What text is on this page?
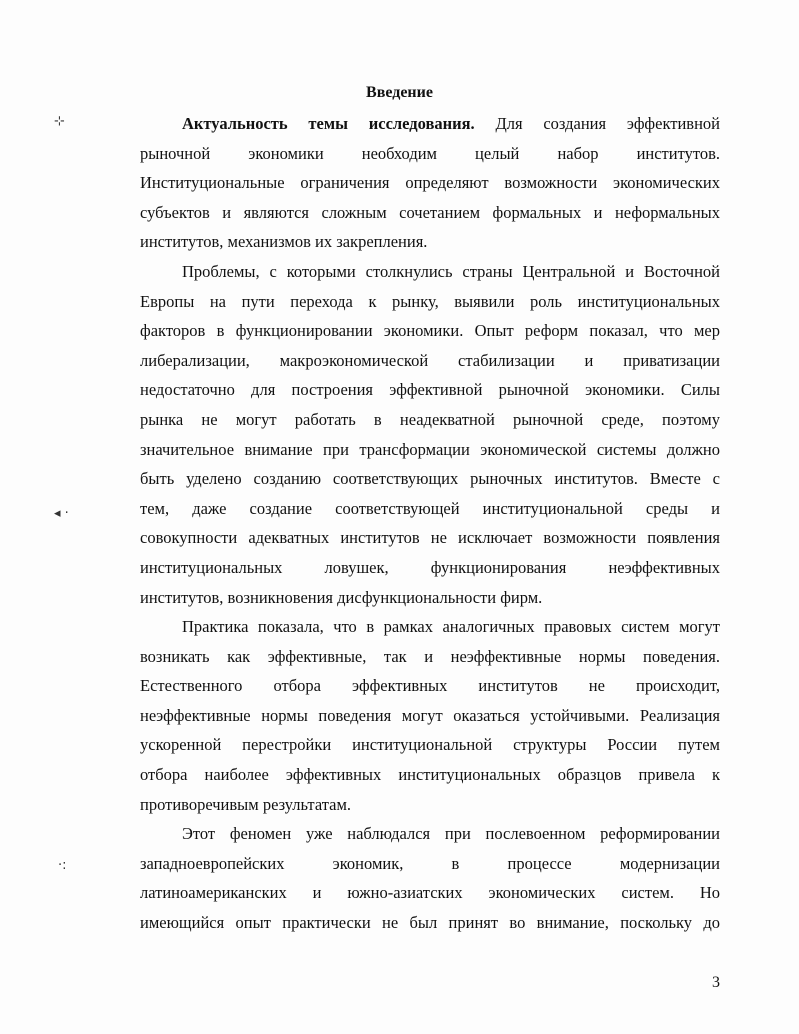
Введение
Актуальность темы исследования. Для создания эффективной
рыночной экономики необходим целый набор институтов.
Институциональные ограничения определяют возможности экономических
субъектов и являются сложным сочетанием формальных и неформальных
институтов, механизмов их закрепления.
Проблемы, с которыми столкнулись страны Центральной и Восточной
Европы на пути перехода к рынку, выявили роль институциональных
факторов в функционировании экономики. Опыт реформ показал, что мер
либерализации, макроэкономической стабилизации и приватизации
недостаточно для построения эффективной рыночной экономики. Силы
рынка не могут работать в неадекватной рыночной среде, поэтому
значительное внимание при трансформации экономической системы должно
быть уделено созданию соответствующих рыночных институтов. Вместе с
тем, даже создание соответствующей институциональной среды и
совокупности адекватных институтов не исключает возможности появления
институциональных ловушек, функционирования неэффективных
институтов, возникновения дисфункциональности фирм.
Практика показала, что в рамках аналогичных правовых систем могут
возникать как эффективные, так и неэффективные нормы поведения.
Естественного отбора эффективных институтов не происходит,
неэффективные нормы поведения могут оказаться устойчивыми. Реализация
ускоренной перестройки институциональной структуры России путем
отбора наиболее эффективных институциональных образцов привела к
противоречивым результатам.
Этот феномен уже наблюдался при послевоенном реформировании
западноевропейских экономик, в процессе модернизации
латиноамериканских и южно-азиатских экономических систем. Но
имеющийся опыт практически не был принят во внимание, поскольку до
3
⊹
◂ ·
·:
